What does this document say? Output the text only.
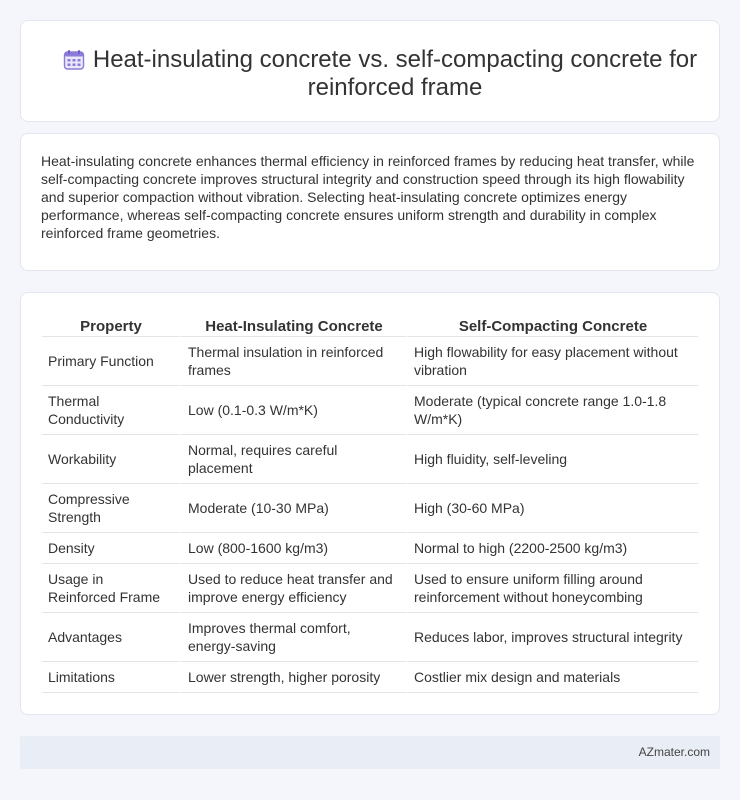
Heat-insulating concrete vs. self-compacting concrete for reinforced frame

Heat-insulating concrete enhances thermal efficiency in reinforced frames by reducing heat transfer, while self-compacting concrete improves structural integrity and construction speed through its high flowability and superior compaction without vibration. Selecting heat-insulating concrete optimizes energy performance, whereas self-compacting concrete ensures uniform strength and durability in complex reinforced frame geometries.

Property	Heat-Insulating Concrete	Self-Compacting Concrete
Primary Function	Thermal insulation in reinforced frames	High flowability for easy placement without vibration
Thermal Conductivity	Low (0.1-0.3 W/m*K)	Moderate (typical concrete range 1.0-1.8 W/m*K)
Workability	Normal, requires careful placement	High fluidity, self-leveling
Compressive Strength	Moderate (10-30 MPa)	High (30-60 MPa)
Density	Low (800-1600 kg/m3)	Normal to high (2200-2500 kg/m3)
Usage in Reinforced Frame	Used to reduce heat transfer and improve energy efficiency	Used to ensure uniform filling around reinforcement without honeycombing
Advantages	Improves thermal comfort, energy-saving	Reduces labor, improves structural integrity
Limitations	Lower strength, higher porosity	Costlier mix design and materials
AZmater.com
